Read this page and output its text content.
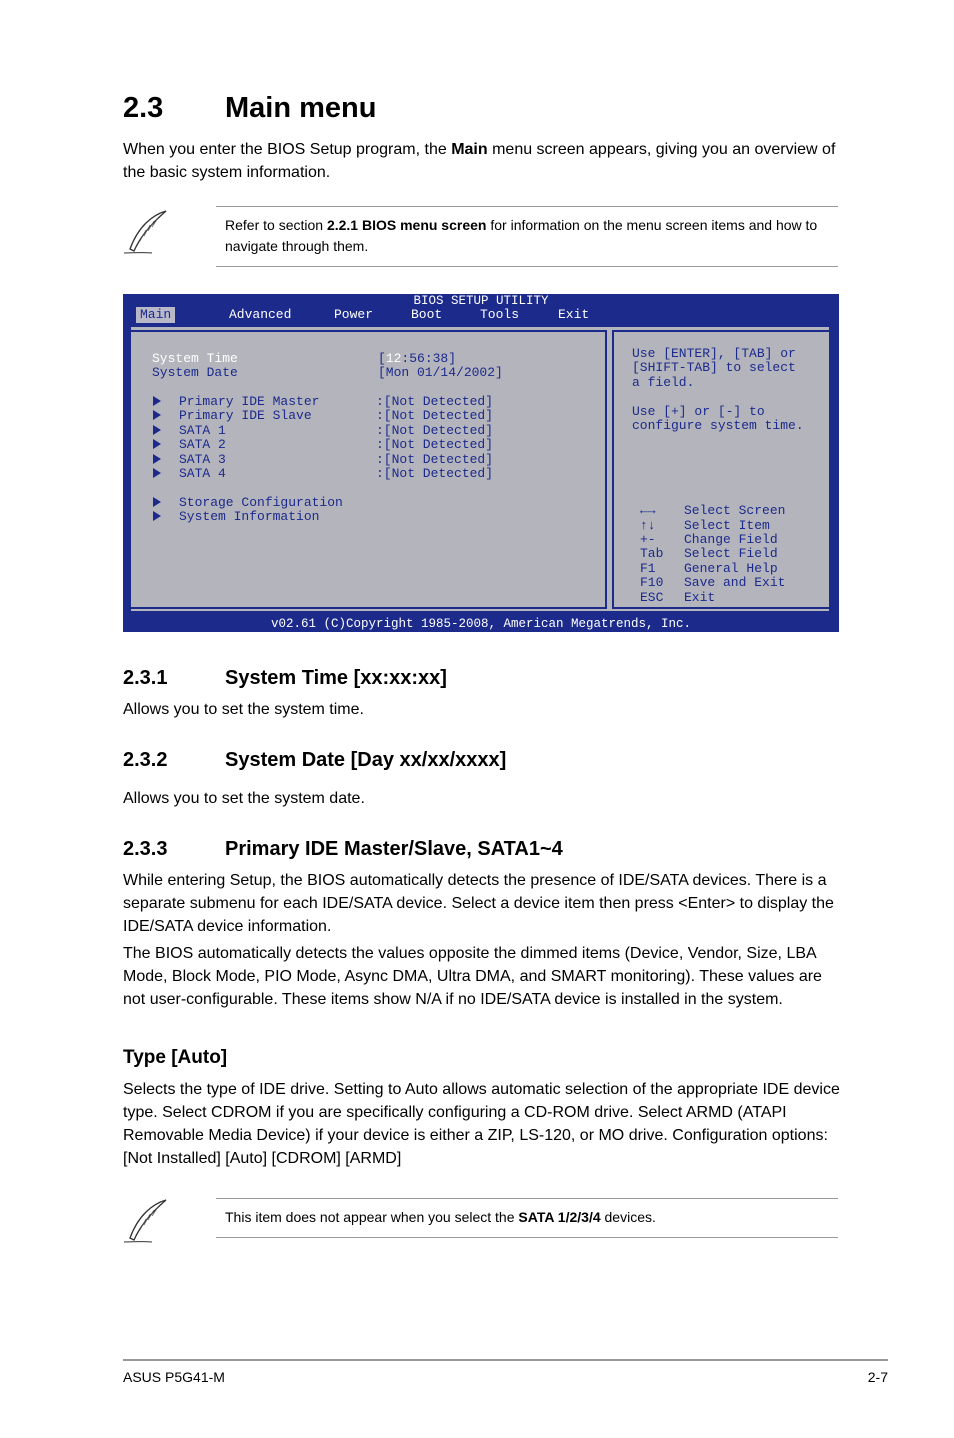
2.3 Main menu

When you enter the BIOS Setup program, the Main menu screen appears, giving you an overview of the basic system information.

Refer to section 2.2.1 BIOS menu screen for information on the menu screen items and how to navigate through them.
BIOS SETUP UTILITY
Main	Advanced	Power	Boot	Tools	Exit
System Time	[12:56:38]
System Date	[Mon 01/14/2002]
Primary IDE Master	:[Not Detected]
Primary IDE Slave	:[Not Detected]
SATA 1	:[Not Detected]
SATA 2	:[Not Detected]
SATA 3	:[Not Detected]
SATA 4	:[Not Detected]
Storage Configuration
System Information
Use [ENTER], [TAB] or
[SHIFT-TAB] to select
a field.
Use [+] or [-] to
configure system time.
←→ Select Screen
↑↓ Select Item
+- Change Field
Tab Select Field
F1 General Help
F10 Save and Exit
ESC Exit
v02.61 (C)Copyright 1985-2008, American Megatrends, Inc.
2.3.1	System Time [xx:xx:xx]

Allows you to set the system time.

2.3.2	System Date [Day xx/xx/xxxx]

Allows you to set the system date.

2.3.3	Primary IDE Master/Slave, SATA1~4

While entering Setup, the BIOS automatically detects the presence of IDE/SATA devices. There is a separate submenu for each IDE/SATA device. Select a device item then press <Enter> to display the IDE/SATA device information.

The BIOS automatically detects the values opposite the dimmed items (Device, Vendor, Size, LBA Mode, Block Mode, PIO Mode, Async DMA, Ultra DMA, and SMART monitoring). These values are not user-configurable. These items show N/A if no IDE/SATA device is installed in the system.

Type [Auto]

Selects the type of IDE drive. Setting to Auto allows automatic selection of the appropriate IDE device type. Select CDROM if you are specifically configuring a CD-ROM drive. Select ARMD (ATAPI Removable Media Device) if your device is either a ZIP, LS-120, or MO drive. Configuration options: [Not Installed] [Auto] [CDROM] [ARMD]

This item does not appear when you select the SATA 1/2/3/4 devices.
ASUS P5G41-M	2-7
